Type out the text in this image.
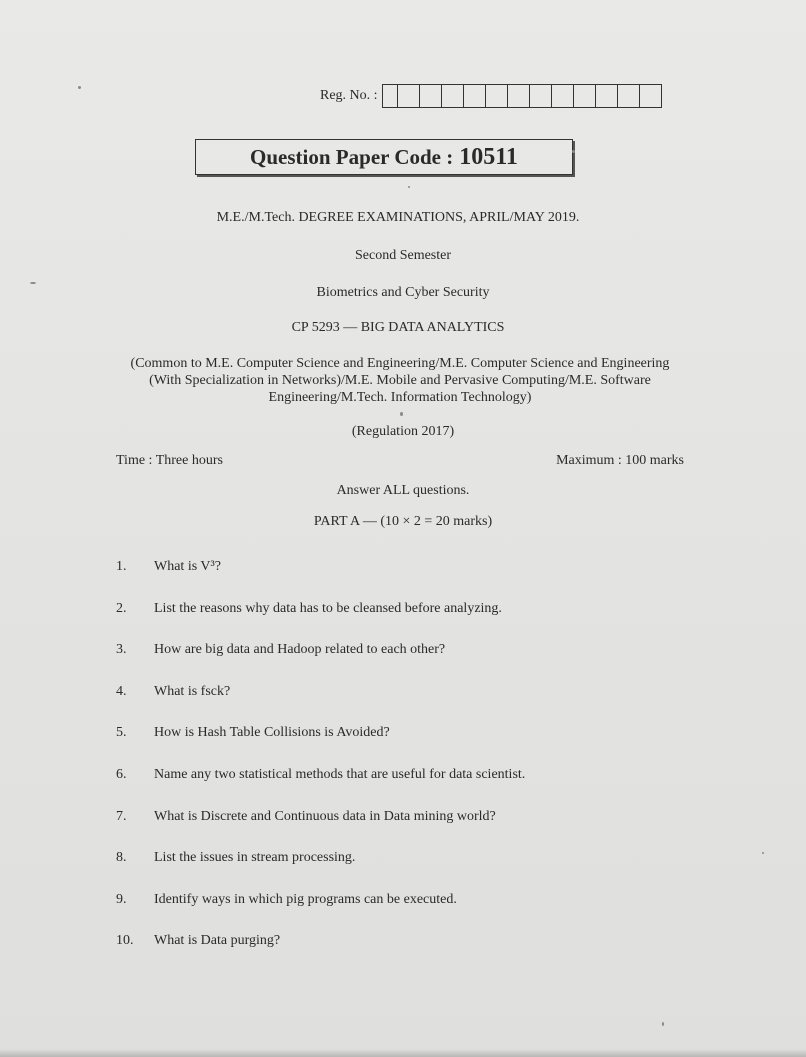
Reg. No. :
Question Paper Code : 10511
M.E./M.Tech. DEGREE EXAMINATIONS, APRIL/MAY 2019.
Second Semester
Biometrics and Cyber Security
CP 5293 — BIG DATA ANALYTICS
(Common to M.E. Computer Science and Engineering/M.E. Computer Science and Engineering (With Specialization in Networks)/M.E. Mobile and Pervasive Computing/M.E. Software Engineering/M.Tech. Information Technology)
(Regulation 2017)
Time : Three hours	Maximum : 100 marks
Answer ALL questions.
PART A — (10 × 2 = 20 marks)
1.	What is V³?
2.	List the reasons why data has to be cleansed before analyzing.
3.	How are big data and Hadoop related to each other?
4.	What is fsck?
5.	How is Hash Table Collisions is Avoided?
6.	Name any two statistical methods that are useful for data scientist.
7.	What is Discrete and Continuous data in Data mining world?
8.	List the issues in stream processing.
9.	Identify ways in which pig programs can be executed.
10.	What is Data purging?
